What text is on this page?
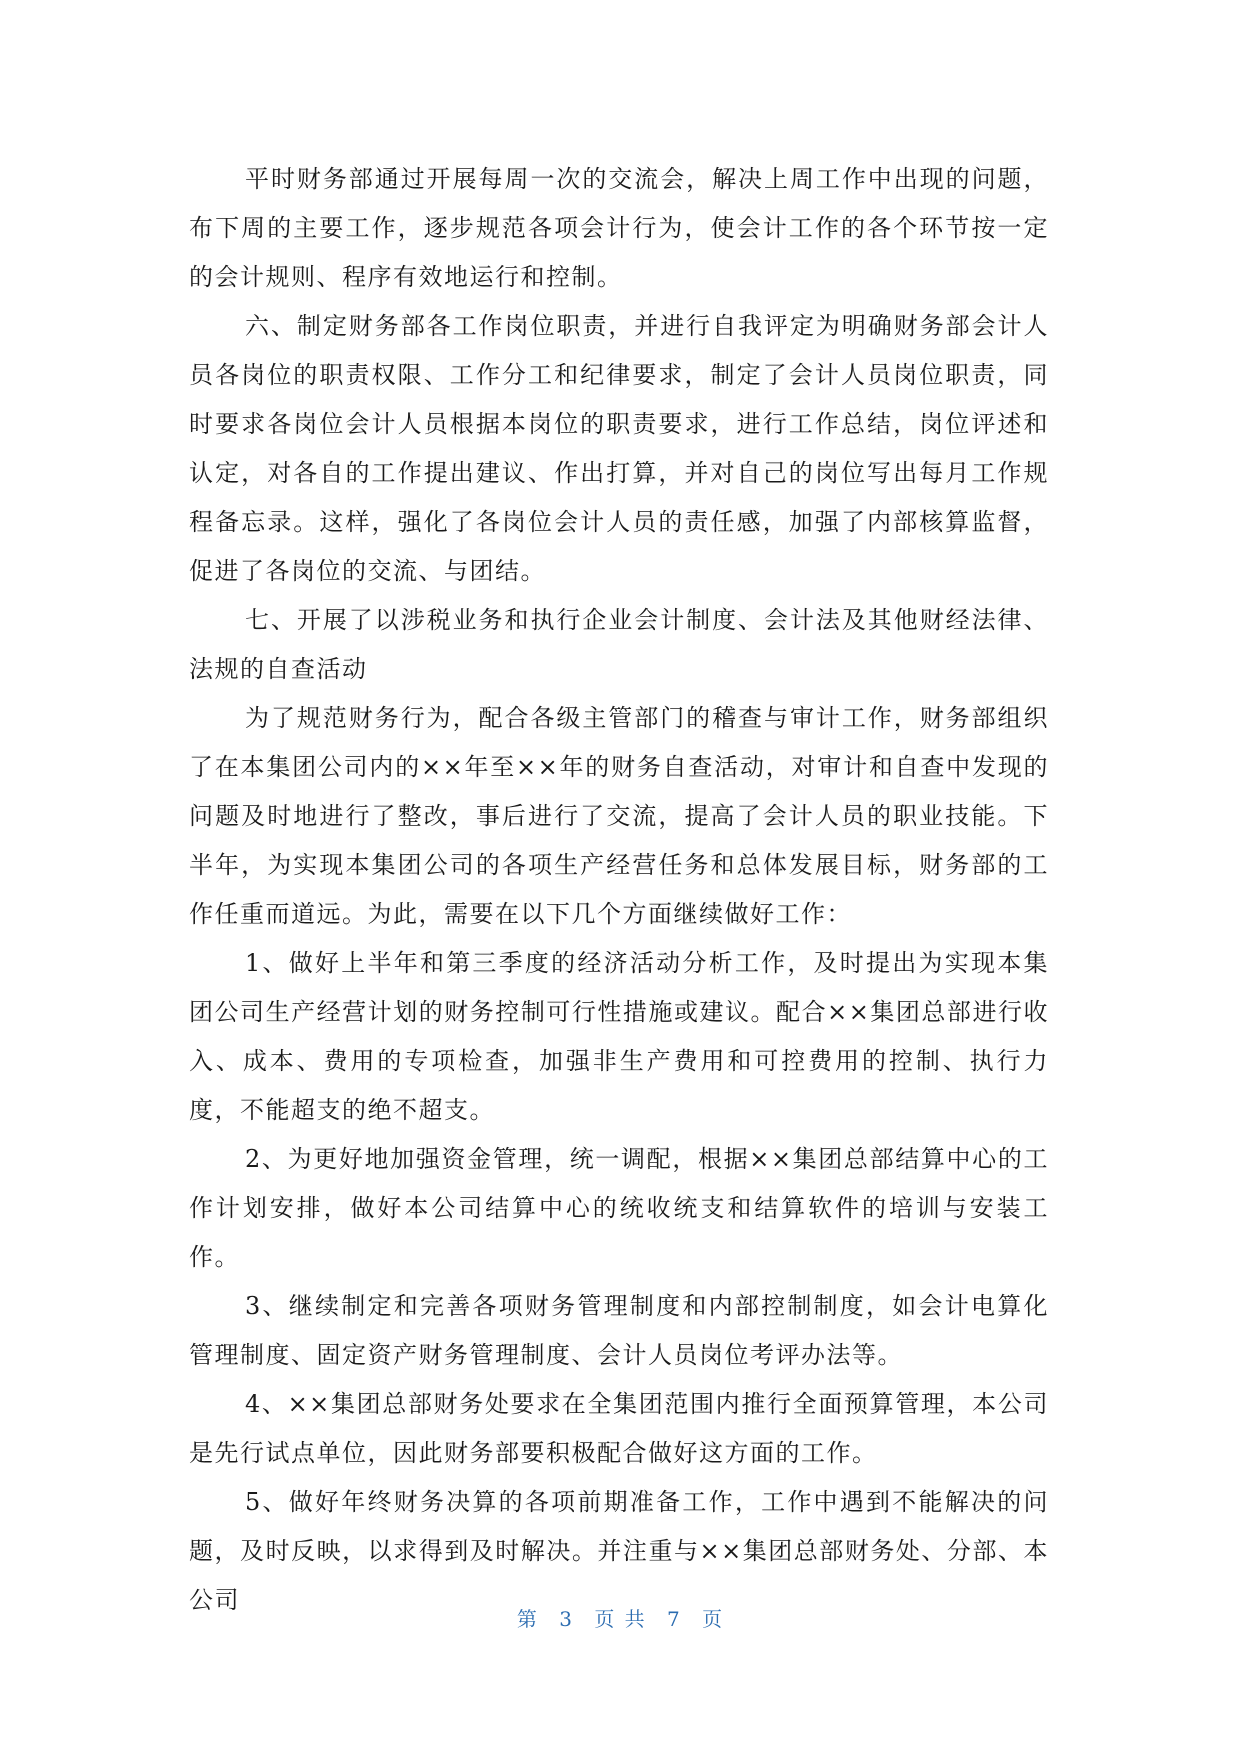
平时财务部通过开展每周一次的交流会，解决上周工作中出现的问题，布下周的主要工作，逐步规范各项会计行为，使会计工作的各个环节按一定的会计规则、程序有效地运行和控制。

六、制定财务部各工作岗位职责，并进行自我评定为明确财务部会计人员各岗位的职责权限、工作分工和纪律要求，制定了会计人员岗位职责，同时要求各岗位会计人员根据本岗位的职责要求，进行工作总结，岗位评述和认定，对各自的工作提出建议、作出打算，并对自己的岗位写出每月工作规程备忘录。这样，强化了各岗位会计人员的责任感，加强了内部核算监督，促进了各岗位的交流、与团结。

七、开展了以涉税业务和执行企业会计制度、会计法及其他财经法律、法规的自查活动

为了规范财务行为，配合各级主管部门的稽查与审计工作，财务部组织了在本集团公司内的××年至××年的财务自查活动，对审计和自查中发现的问题及时地进行了整改，事后进行了交流，提高了会计人员的职业技能。下半年，为实现本集团公司的各项生产经营任务和总体发展目标，财务部的工作任重而道远。为此，需要在以下几个方面继续做好工作：

1、做好上半年和第三季度的经济活动分析工作，及时提出为实现本集团公司生产经营计划的财务控制可行性措施或建议。配合××集团总部进行收入、成本、费用的专项检查，加强非生产费用和可控费用的控制、执行力度，不能超支的绝不超支。

2、为更好地加强资金管理，统一调配，根据××集团总部结算中心的工作计划安排，做好本公司结算中心的统收统支和结算软件的培训与安装工作。

3、继续制定和完善各项财务管理制度和内部控制制度，如会计电算化管理制度、固定资产财务管理制度、会计人员岗位考评办法等。

4、××集团总部财务处要求在全集团范围内推行全面预算管理，本公司是先行试点单位，因此财务部要积极配合做好这方面的工作。

5、做好年终财务决算的各项前期准备工作，工作中遇到不能解决的问题，及时反映，以求得到及时解决。并注重与××集团总部财务处、分部、本公司

第 3 页 共 7 页
